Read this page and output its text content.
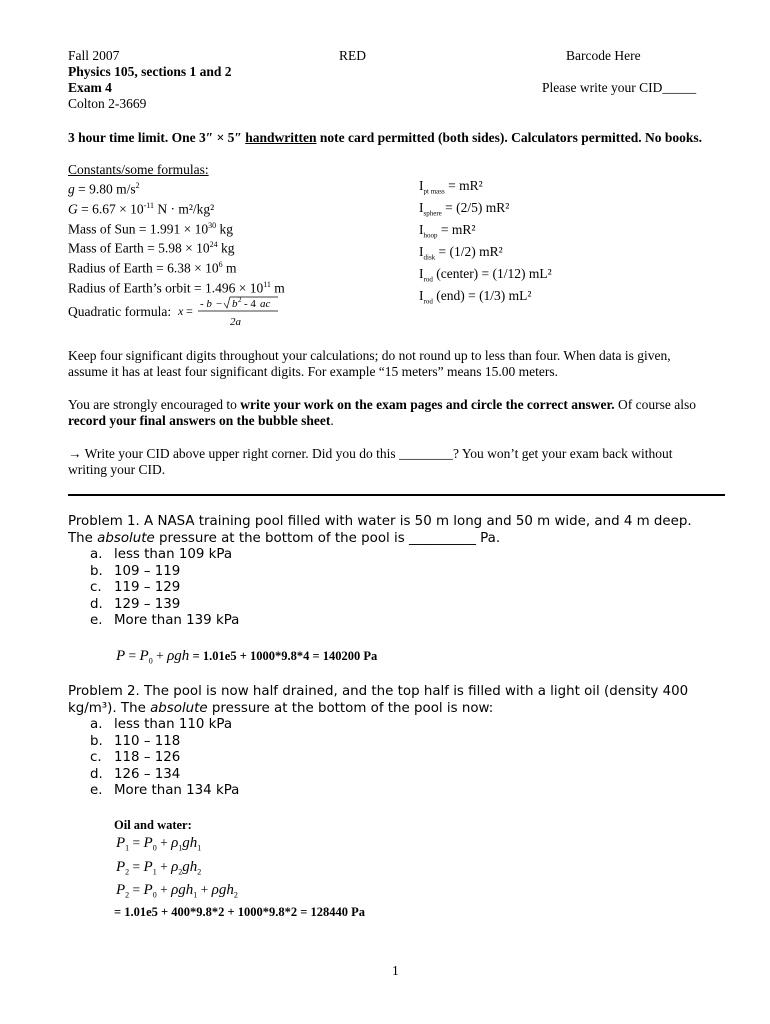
Fall 2007	RED	Barcode Here
Physics 105, sections 1 and 2
Exam 4	Please write your CID_____
Colton 2-3669
3 hour time limit. One 3″ × 5″ handwritten note card permitted (both sides). Calculators permitted. No books.
Constants/some formulas:
g = 9.80 $m/s^2$
$G = 6.67 \times 10^{-11}$ N · m²/kg²
Mass of Sun = $1.991 \times 10^{30}$ kg
Mass of Earth = $5.98 \times 10^{24}$ kg
Radius of Earth = $6.38 \times 10^6$ m
Radius of Earth’s orbit = $1.496 \times 10^{11}$ m
$I_{pt mass} = mR^2$
$I_{sphere} = (2/5)$ mR²
$I_{hoop} = mR^2$
$I_{disk} = (1/2)$ mR²
$I_{rod}$ (center) = (1/12) mL²
$I_{rod}$ (end) = (1/3) mL²
Quadratic formula: x = - b − b 2 - 4 ac
2a
Keep four significant digits throughout your calculations; do not round up to less than four. When data is given,
assume it has at least four significant digits. For example “15 meters” means 15.00 meters.
You are strongly encouraged to write your work on the exam pages and circle the correct answer. Of course also
record your final answers on the bubble sheet.
→ Write your CID above upper right corner. Did you do this ________? You won’t get your exam back without
writing your CID.
Problem 1. A NASA training pool filled with water is 50 m long and 50 m wide, and 4 m deep.
The absolute pressure at the bottom of the pool is __________ Pa.
a. less than 109 kPa
b. 109 – 119
c. 119 – 129
d. 129 – 139
e. More than 139 kPa
$P = P_0 + \rho gh = 1.01e5 + 1000*9.8*4 = 140200$ Pa
Problem 2. The pool is now half drained, and the top half is filled with a light oil (density 400
kg/m³). The absolute pressure at the bottom of the pool is now:
a. less than 110 kPa
b. 110 – 118
c. 118 – 126
d. 126 – 134
e. More than 134 kPa
Oil and water:
$P_1 = P_0 + \rho_1gh_1$
$P_2 = P_1 + \rho_2gh_2$
$P_2 = P_0 + \rho gh_1 + \rho gh_2$
= 1.01e5 + 400*9.8*2 + 1000*9.8*2 = 128440 Pa
1
